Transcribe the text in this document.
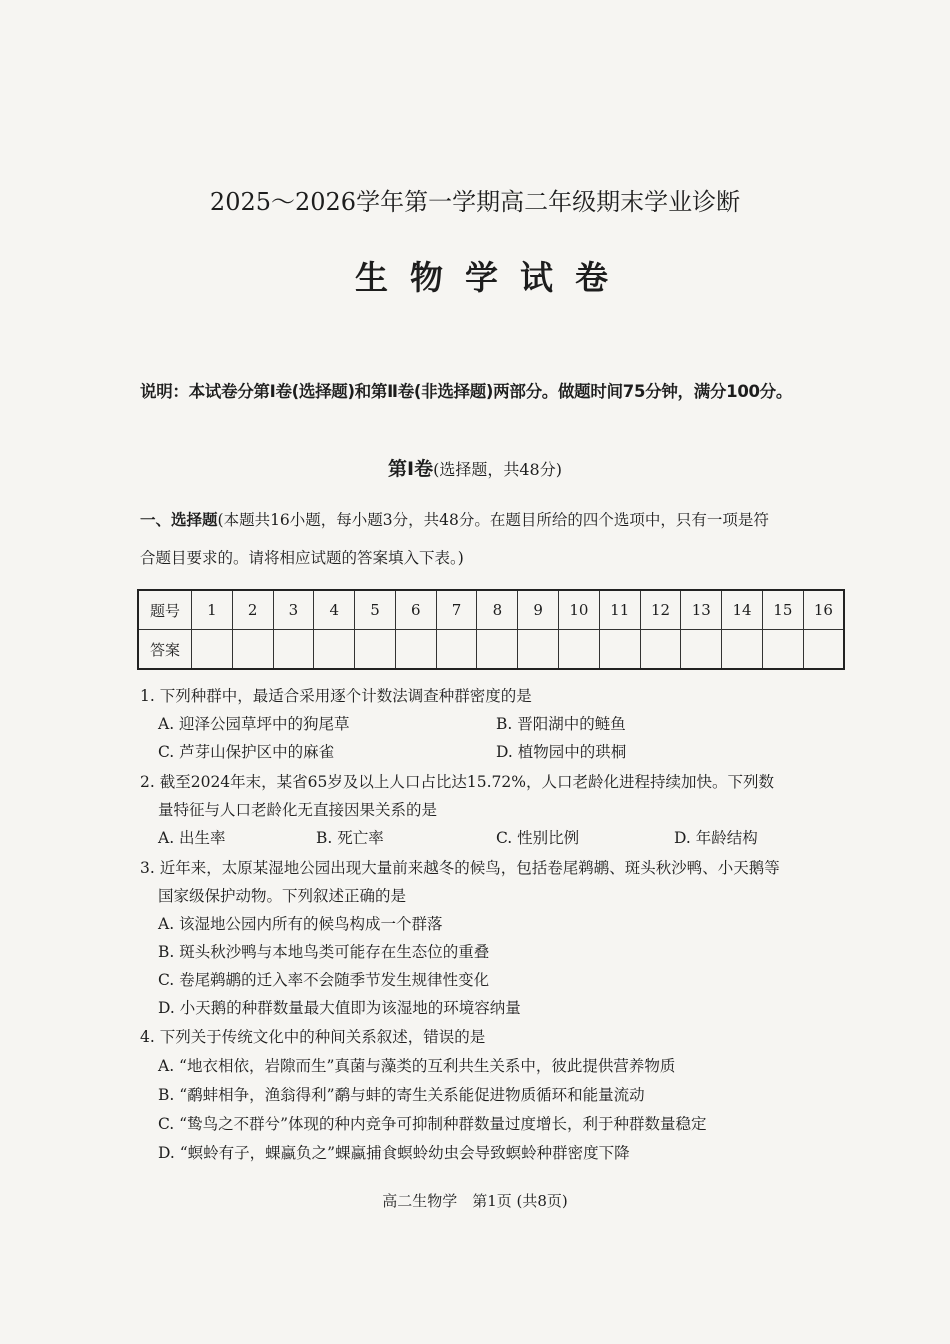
2025～2026学年第一学期高二年级期末学业诊断
生物学试卷
说明：本试卷分第Ⅰ卷(选择题)和第Ⅱ卷(非选择题)两部分。做题时间75分钟，满分100分。
第Ⅰ卷(选择题，共48分)
一、选择题(本题共16小题，每小题3分，共48分。在题目所给的四个选项中，只有一项是符
合题目要求的。请将相应试题的答案填入下表。)
题号	1	2	3	4	5	6	7	8	9	10	11	12	13	14	15	16
答案																
1. 下列种群中，最适合采用逐个计数法调查种群密度的是
A. 迎泽公园草坪中的狗尾草	B. 晋阳湖中的鲢鱼
C. 芦芽山保护区中的麻雀	D. 植物园中的珙桐
2. 截至2024年末，某省65岁及以上人口占比达15.72%，人口老龄化进程持续加快。下列数
量特征与人口老龄化无直接因果关系的是
A. 出生率	B. 死亡率	C. 性别比例	D. 年龄结构
3. 近年来，太原某湿地公园出现大量前来越冬的候鸟，包括卷尾鹈鹕、斑头秋沙鸭、小天鹅等
国家级保护动物。下列叙述正确的是
A. 该湿地公园内所有的候鸟构成一个群落
B. 斑头秋沙鸭与本地鸟类可能存在生态位的重叠
C. 卷尾鹈鹕的迁入率不会随季节发生规律性变化
D. 小天鹅的种群数量最大值即为该湿地的环境容纳量
4. 下列关于传统文化中的种间关系叙述，错误的是
A. “地衣相依，岩隙而生”真菌与藻类的互利共生关系中，彼此提供营养物质
B. “鹬蚌相争，渔翁得利”鹬与蚌的寄生关系能促进物质循环和能量流动
C. “鸷鸟之不群兮”体现的种内竞争可抑制种群数量过度增长，利于种群数量稳定
D. “螟蛉有子，蜾蠃负之”蜾蠃捕食螟蛉幼虫会导致螟蛉种群密度下降
高二生物学　第1页 (共8页)
